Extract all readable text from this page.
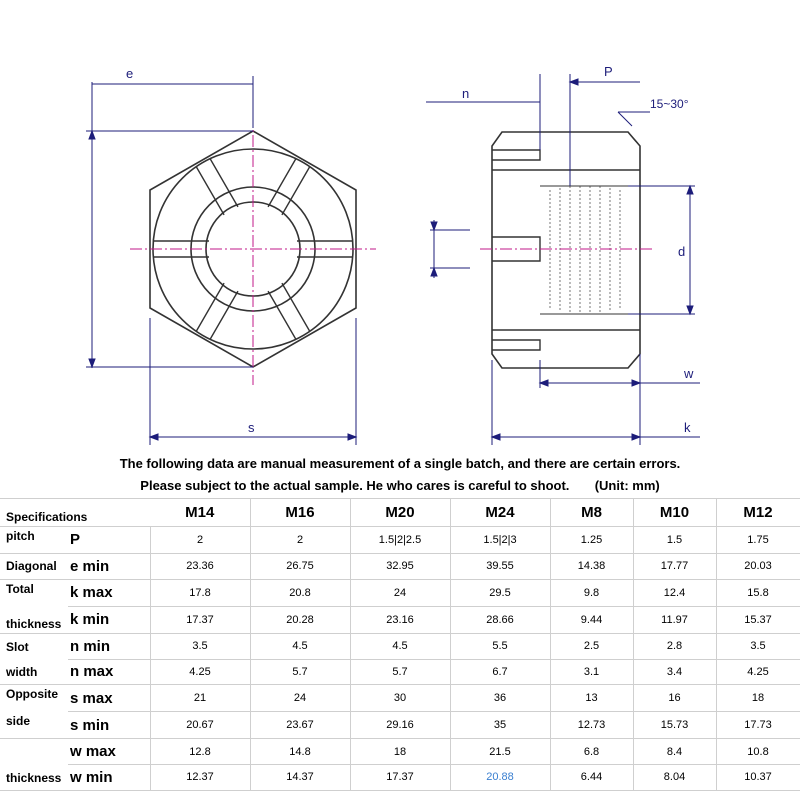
e
s
n
P
15~30°
d
w
k
The following data are manual measurement of a single batch, and there are certain errors.
Please subject to the actual sample. He who cares is careful to shoot. (Unit: mm)
Specifications		M14	M16	M20	M24	M8	M10	M12
pitch	P	2	2	1.5|2|2.5	1.5|2|3	1.25	1.5	1.75
Diagonal	e min	23.36	26.75	32.95	39.55	14.38	17.77	20.03
Total	k max	17.8	20.8	24	29.5	9.8	12.4	15.8
thickness	k min	17.37	20.28	23.16	28.66	9.44	11.97	15.37
Slot	n min	3.5	4.5	4.5	5.5	2.5	2.8	3.5
width	n max	4.25	5.7	5.7	6.7	3.1	3.4	4.25
Opposite	s max	21	24	30	36	13	16	18
side	s min	20.67	23.67	29.16	35	12.73	15.73	17.73
thickness	w max	12.8	14.8	18	21.5	6.8	8.4	10.8
	w min	12.37	14.37	17.37	20.88	6.44	8.04	10.37
